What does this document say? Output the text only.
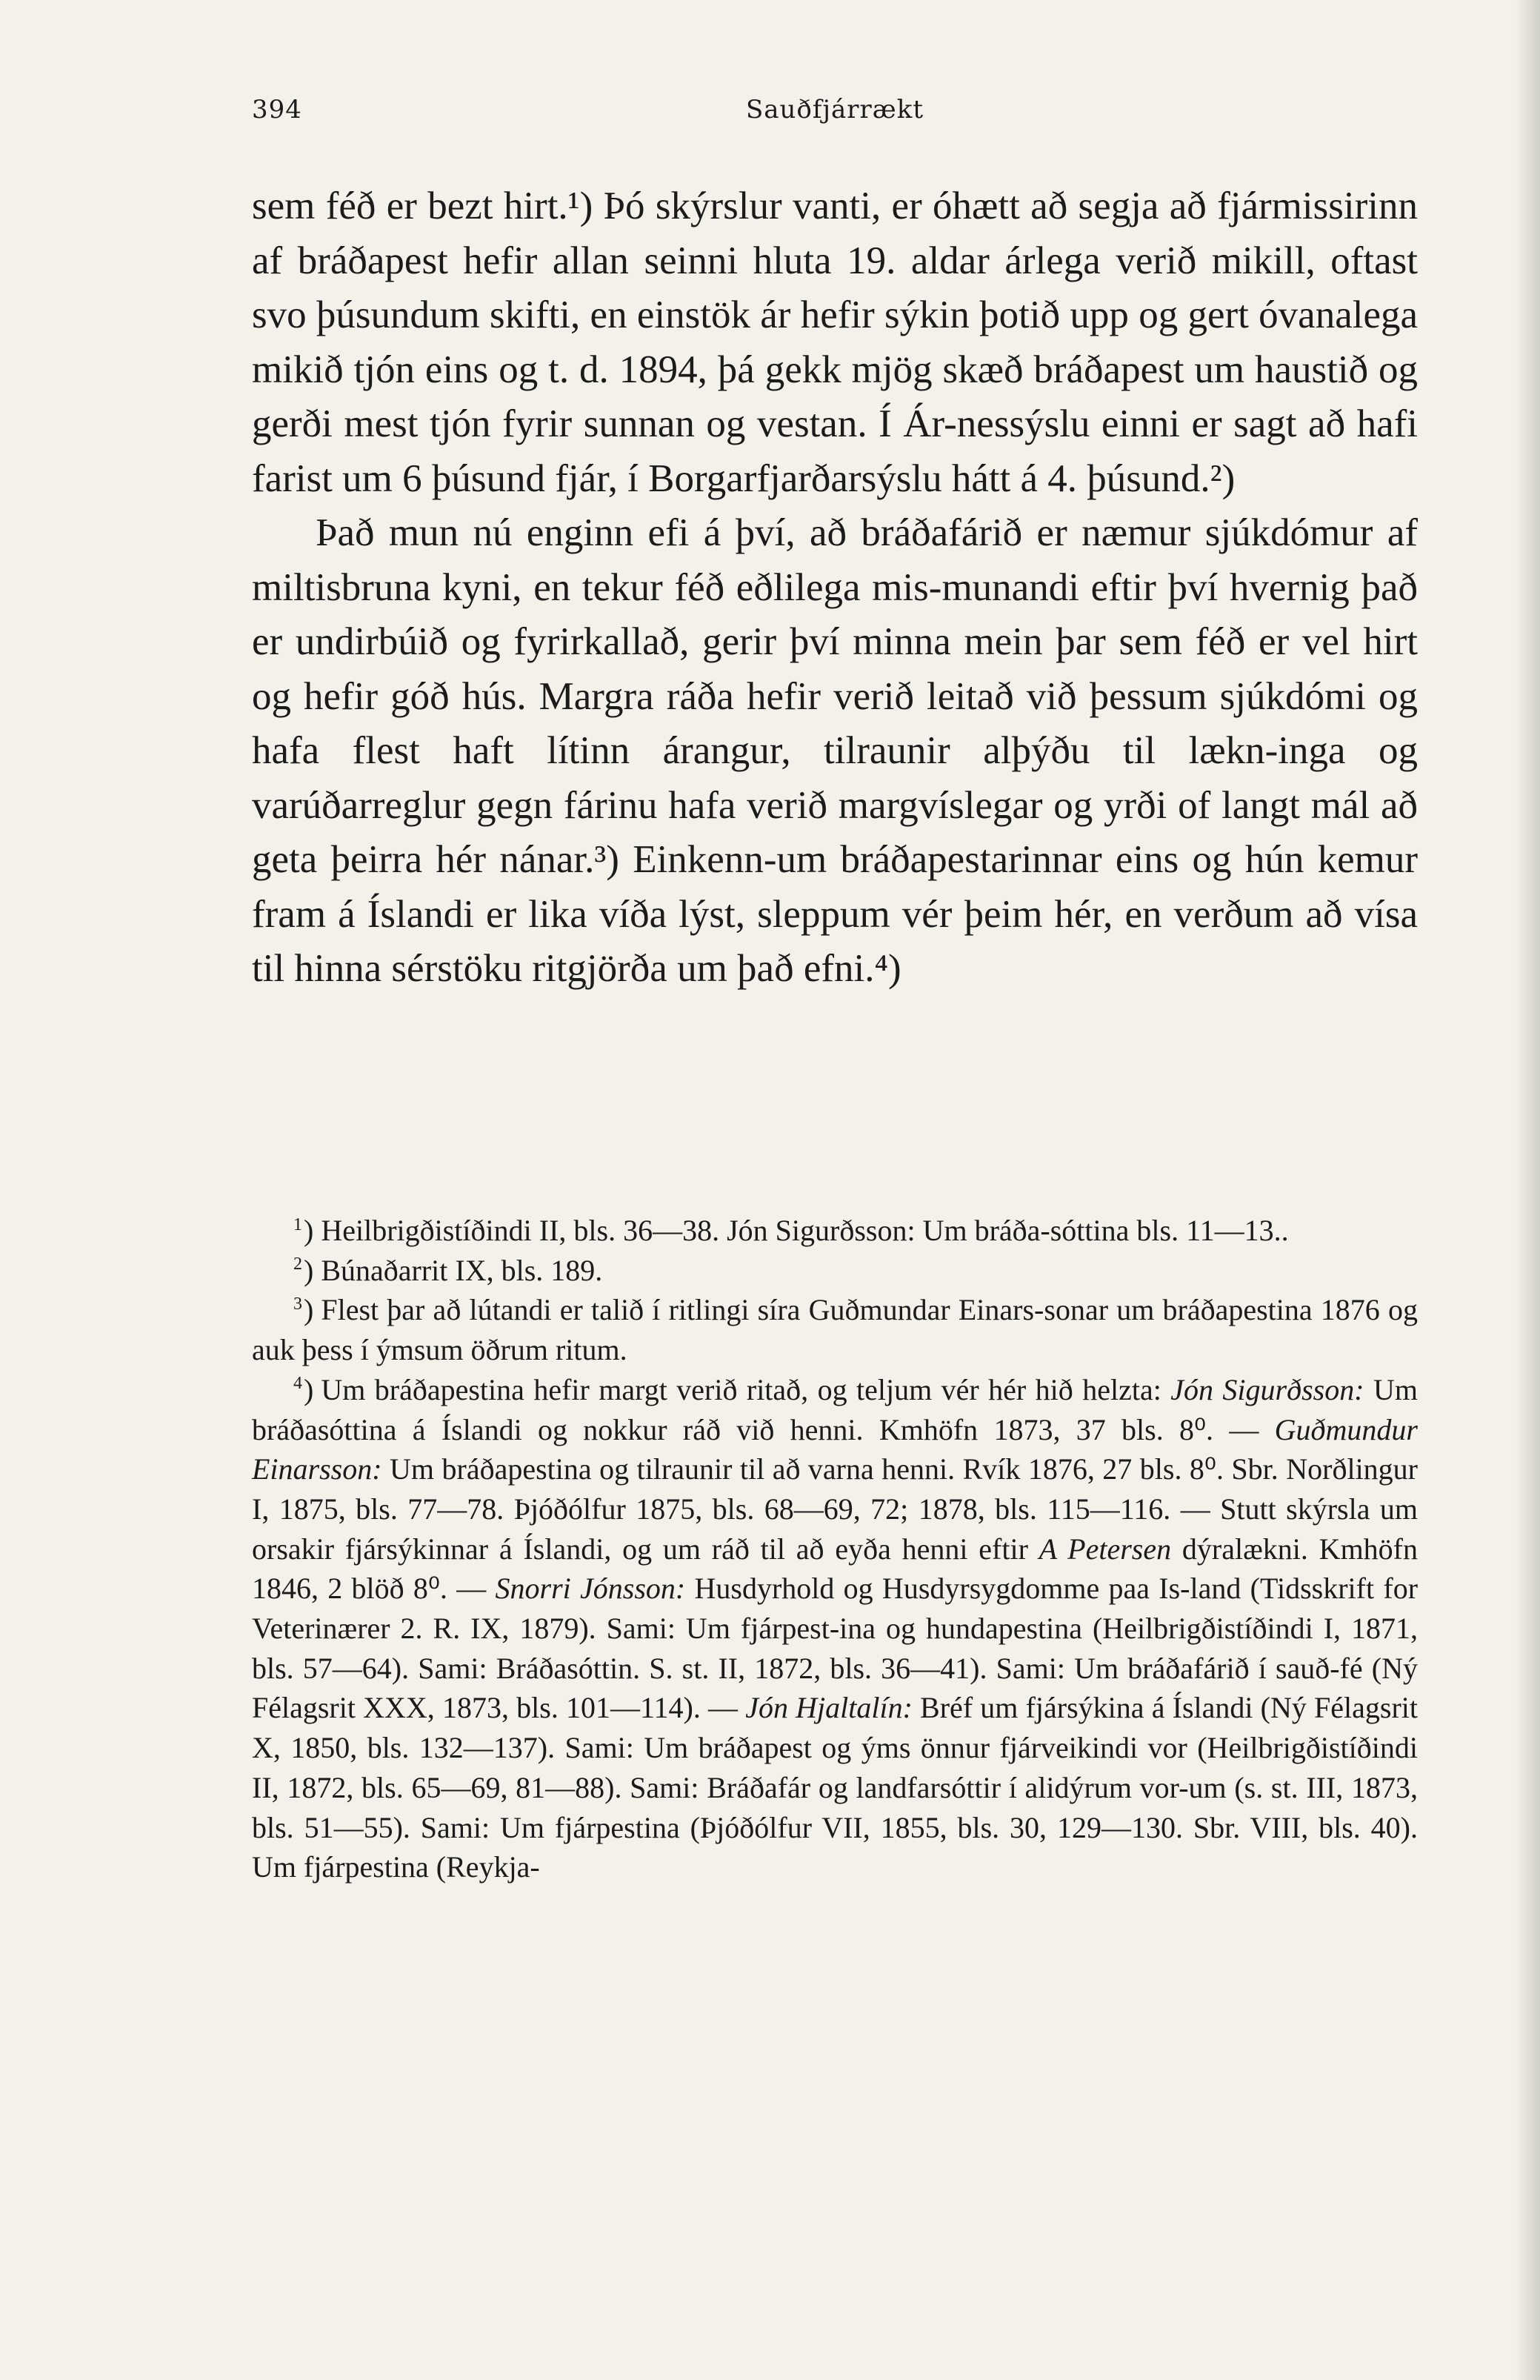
394	Sauðfjárrækt

sem féð er bezt hirt.¹) Þó skýrslur vanti, er óhætt að segja að fjármissirinn af bráðapest hefir allan seinni hluta 19. aldar árlega verið mikill, oftast svo þúsundum skifti, en einstök ár hefir sýkin þotið upp og gert óvanalega mikið tjón eins og t. d. 1894, þá gekk mjög skæð bráðapest um haustið og gerði mest tjón fyrir sunnan og vestan. Í Ár-nessýslu einni er sagt að hafi farist um 6 þúsund fjár, í Borgarfjarðarsýslu hátt á 4. þúsund.²)

Það mun nú enginn efi á því, að bráðafárið er næmur sjúkdómur af miltisbruna kyni, en tekur féð eðlilega mis-munandi eftir því hvernig það er undirbúið og fyrirkallað, gerir því minna mein þar sem féð er vel hirt og hefir góð hús. Margra ráða hefir verið leitað við þessum sjúkdómi og hafa flest haft lítinn árangur, tilraunir alþýðu til lækn-inga og varúðarreglur gegn fárinu hafa verið margvíslegar og yrði of langt mál að geta þeirra hér nánar.³) Einkenn-um bráðapestarinnar eins og hún kemur fram á Íslandi er lika víða lýst, sleppum vér þeim hér, en verðum að vísa til hinna sérstöku ritgjörða um það efni.⁴)

$^1$) Heilbrigðistíðindi II, bls. 36—38. Jón Sigurðsson: Um bráða-sóttina bls. 11—13..

$^2$) Búnaðarrit IX, bls. 189.

$^3$) Flest þar að lútandi er talið í ritlingi síra Guðmundar Einars-sonar um bráðapestina 1876 og auk þess í ýmsum öðrum ritum.

$^4$) Um bráðapestina hefir margt verið ritað, og teljum vér hér hið helzta: Jón Sigurðsson: Um bráðasóttina á Íslandi og nokkur ráð við henni. Kmhöfn 1873, 37 bls. 8⁰. — Guðmundur Einarsson: Um bráðapestina og tilraunir til að varna henni. Rvík 1876, 27 bls. 8⁰. Sbr. Norðlingur I, 1875, bls. 77—78. Þjóðólfur 1875, bls. 68—69, 72; 1878, bls. 115—116. — Stutt skýrsla um orsakir fjársýkinnar á Íslandi, og um ráð til að eyða henni eftir A Petersen dýralækni. Kmhöfn 1846, 2 blöð 8⁰. — Snorri Jónsson: Husdyrhold og Husdyrsygdomme paa Is-land (Tidsskrift for Veterinærer 2. R. IX, 1879). Sami: Um fjárpest-ina og hundapestina (Heilbrigðistíðindi I, 1871, bls. 57—64). Sami: Bráðasóttin. S. st. II, 1872, bls. 36—41). Sami: Um bráðafárið í sauð-fé (Ný Félagsrit XXX, 1873, bls. 101—114). — Jón Hjaltalín: Bréf um fjársýkina á Íslandi (Ný Félagsrit X, 1850, bls. 132—137). Sami: Um bráðapest og ýms önnur fjárveikindi vor (Heilbrigðistíðindi II, 1872, bls. 65—69, 81—88). Sami: Bráðafár og landfarsóttir í alidýrum vor-um (s. st. III, 1873, bls. 51—55). Sami: Um fjárpestina (Þjóðólfur VII, 1855, bls. 30, 129—130. Sbr. VIII, bls. 40). Um fjárpestina (Reykja-
